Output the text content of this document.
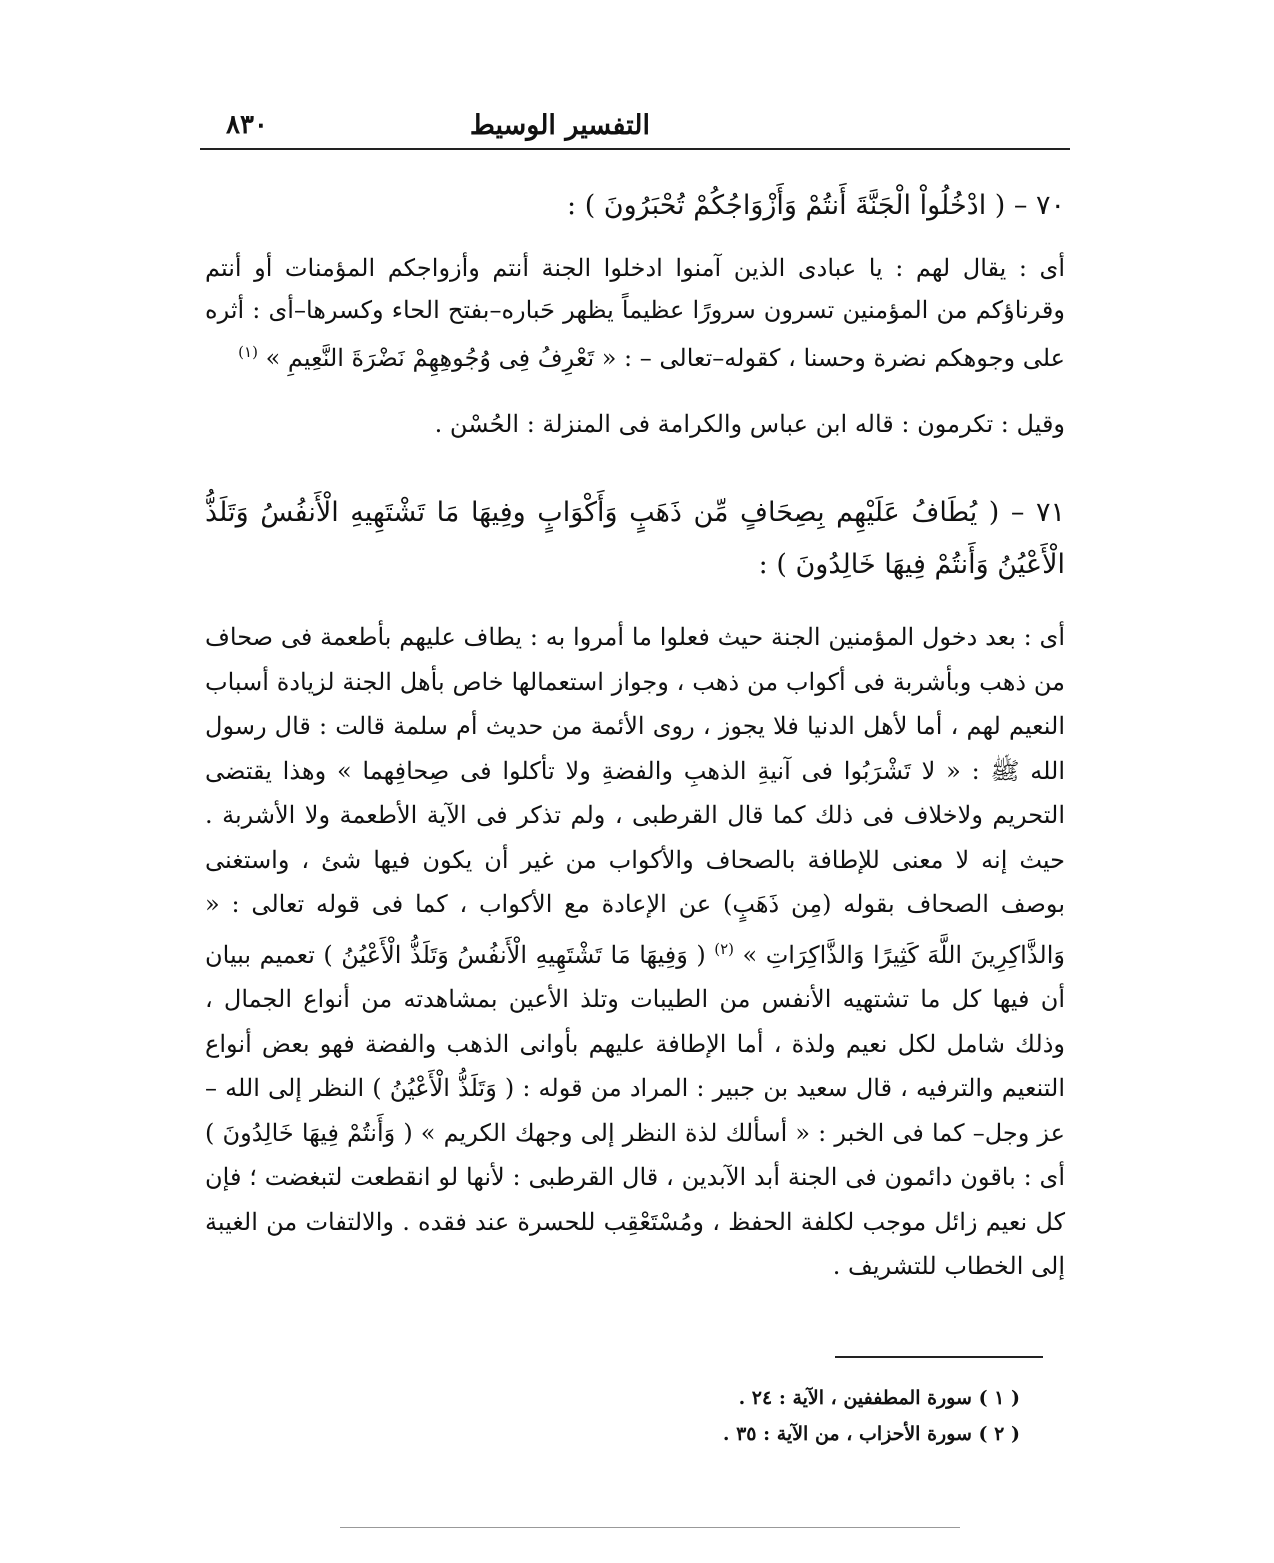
٨٣٠	التفسير الوسيط
٧٠ – ( ادْخُلُواْ الْجَنَّةَ أَنتُمْ وَأَزْوَاجُكُمْ تُحْبَرُونَ ) :
أى : يقال لهم : يا عبادى الذين آمنوا ادخلوا الجنة أنتم وأزواجكم المؤمنات أو أنتم وقرناؤكم من المؤمنين تسرون سرورًا عظيماً يظهر حَباره–بفتح الحاء وكسرها–أى : أثره على وجوهكم نضرة وحسنا ، كقوله–تعالى – : « تَعْرِفُ فِى وُجُوهِهِمْ نَضْرَةَ النَّعِيمِ » $^{(١)}$
وقيل : تكرمون : قاله ابن عباس والكرامة فى المنزلة : الحُسْن .
٧١ – ( يُطَافُ عَلَيْهِم بِصِحَافٍ مِّن ذَهَبٍ وَأَكْوَابٍ وفِيهَا مَا تَشْتَهِيهِ الْأَنفُسُ وَتَلَذُّ الْأَعْيُنُ وَأَنتُمْ فِيهَا خَالِدُونَ ) :
أى : بعد دخول المؤمنين الجنة حيث فعلوا ما أمروا به : يطاف عليهم بأطعمة فى صحاف من ذهب وبأشربة فى أكواب من ذهب ، وجواز استعمالها خاص بأهل الجنة لزيادة أسباب النعيم لهم ، أما لأهل الدنيا فلا يجوز ، روى الأئمة من حديث أم سلمة قالت : قال رسول الله ﷺ : « لا تَشْرَبُوا فى آنيةِ الذهبِ والفضةِ ولا تأكلوا فى صِحافِهما » وهذا يقتضى التحريم ولاخلاف فى ذلك كما قال القرطبى ، ولم تذكر فى الآية الأطعمة ولا الأشربة . حيث إنه لا معنى للإطافة بالصحاف والأكواب من غير أن يكون فيها شئ ، واستغنى بوصف الصحاف بقوله (مِن ذَهَبٍ) عن الإعادة مع الأكواب ، كما فى قوله تعالى : « وَالذَّاكِرِينَ اللَّهَ كَثِيرًا وَالذَّاكِرَاتِ » $^{(٢)}$ ( وَفِيهَا مَا تَشْتَهِيهِ الْأَنفُسُ وَتَلَذُّ الْأَعْيُنُ ) تعميم ببيان أن فيها كل ما تشتهيه الأنفس من الطيبات وتلذ الأعين بمشاهدته من أنواع الجمال ، وذلك شامل لكل نعيم ولذة ، أما الإطافة عليهم بأوانى الذهب والفضة فهو بعض أنواع التنعيم والترفيه ، قال سعيد بن جبير : المراد من قوله : ( وَتَلَذُّ الْأَعْيُنُ ) النظر إلى الله –عز وجل– كما فى الخبر : « أسألك لذة النظر إلى وجهك الكريم » ( وَأَنتُمْ فِيهَا خَالِدُونَ ) أى : باقون دائمون فى الجنة أبد الآبدين ، قال القرطبى : لأنها لو انقطعت لتبغضت ؛ فإن كل نعيم زائل موجب لكلفة الحفظ ، ومُسْتَعْقِب للحسرة عند فقده . والالتفات من الغيبة إلى الخطاب للتشريف .
( ١ ) سورة المطففين ، الآية : ٢٤ .
( ٢ ) سورة الأحزاب ، من الآية : ٣٥ .
